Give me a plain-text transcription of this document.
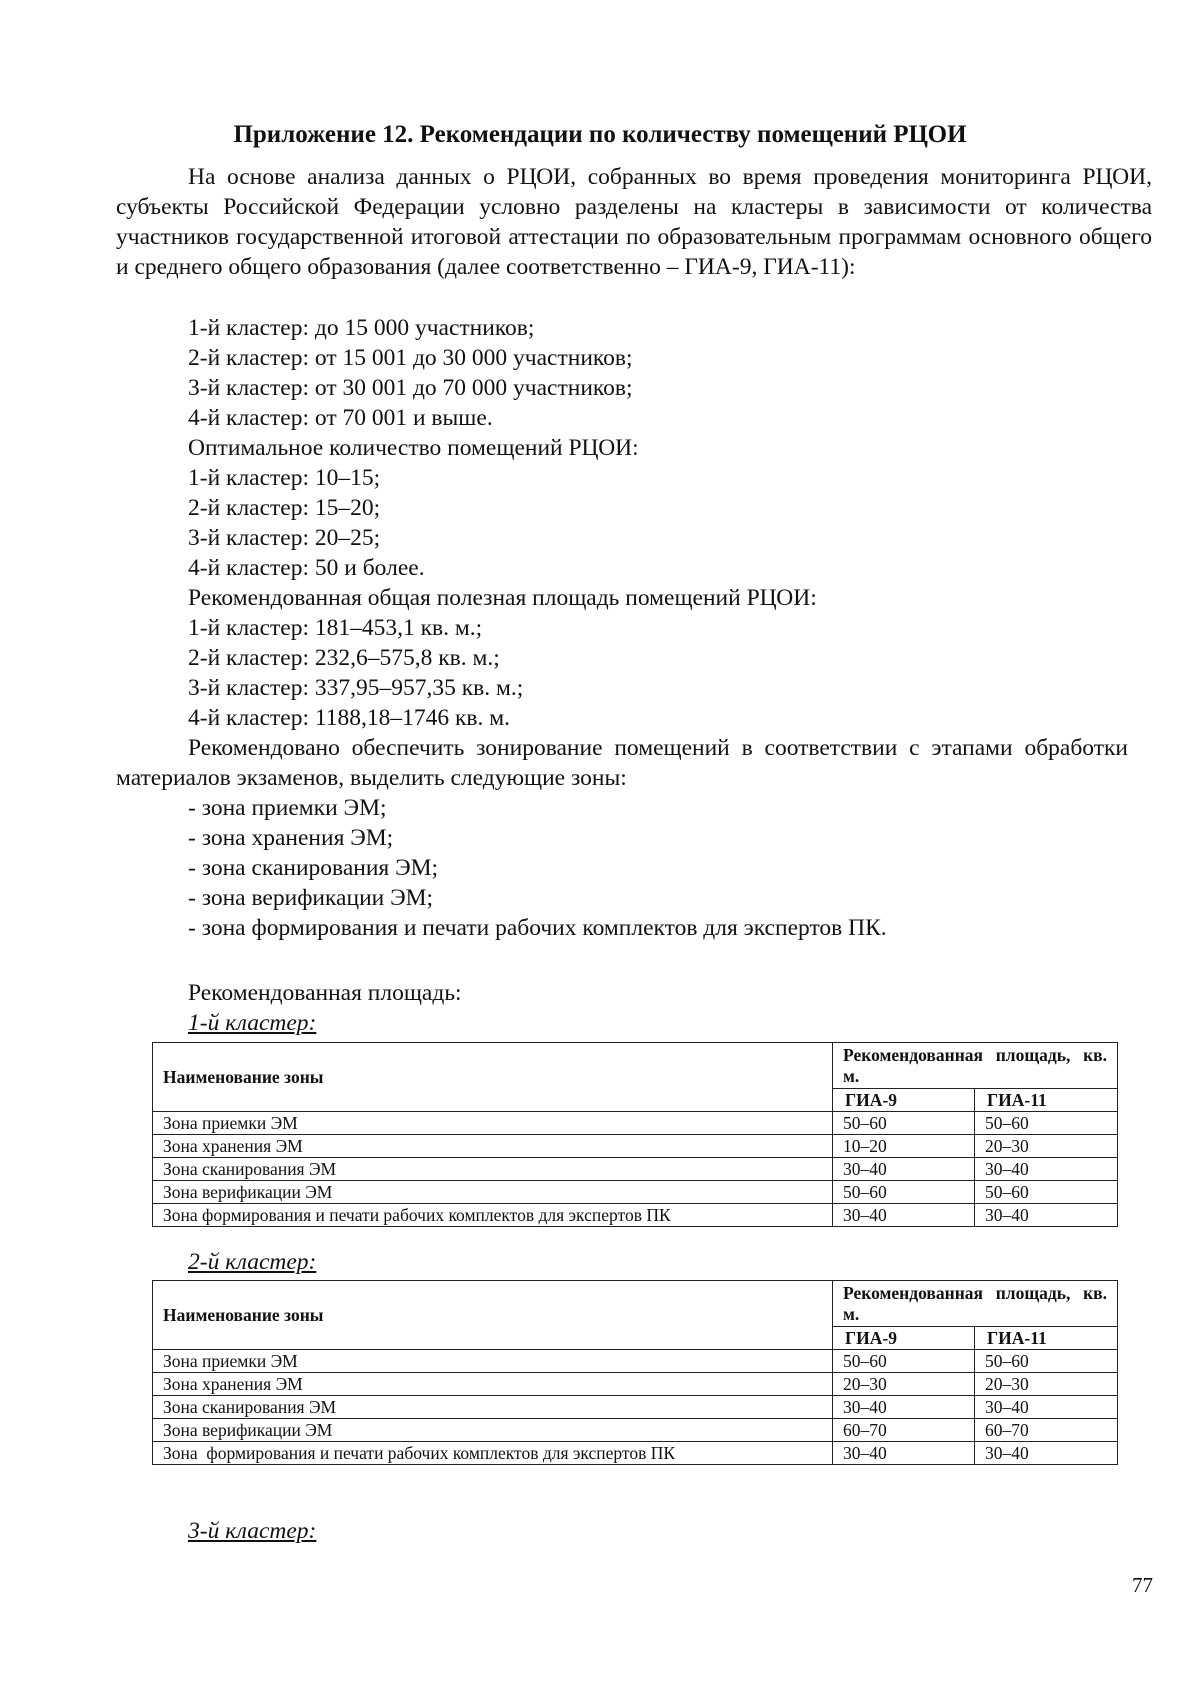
Приложение 12. Рекомендации по количеству помещений РЦОИ
На основе анализа данных о РЦОИ, собранных во время проведения мониторинга РЦОИ, субъекты Российской Федерации условно разделены на кластеры в зависимости от количества участников государственной итоговой аттестации по образовательным программам основного общего и среднего общего образования (далее соответственно – ГИА-9, ГИА-11):
1-й кластер: до 15 000 участников;
2-й кластер: от 15 001 до 30 000 участников;
3-й кластер: от 30 001 до 70 000 участников;
4-й кластер: от 70 001 и выше.
Оптимальное количество помещений РЦОИ:
1-й кластер: 10–15;
2-й кластер: 15–20;
3-й кластер: 20–25;
4-й кластер: 50 и более.
Рекомендованная общая полезная площадь помещений РЦОИ:
1-й кластер: 181–453,1 кв. м.;
2-й кластер: 232,6–575,8 кв. м.;
3-й кластер: 337,95–957,35 кв. м.;
4-й кластер: 1188,18–1746 кв. м.
Рекомендовано обеспечить зонирование помещений в соответствии с этапами обработки материалов экзаменов, выделить следующие зоны:
- зона приемки ЭМ;
- зона хранения ЭМ;
- зона сканирования ЭМ;
- зона верификации ЭМ;
- зона формирования и печати рабочих комплектов для экспертов ПК.
Рекомендованная площадь:
1-й кластер:
Наименование зоны	Рекомендованная площадь, кв. м.	
	ГИА-9	ГИА-11
Зона приемки ЭМ	50–60	50–60
Зона хранения ЭМ	10–20	20–30
Зона сканирования ЭМ	30–40	30–40
Зона верификации ЭМ	50–60	50–60
Зона формирования и печати рабочих комплектов для экспертов ПК	30–40	30–40
2-й кластер:
Наименование зоны	Рекомендованная площадь, кв. м.	
	ГИА-9	ГИА-11
Зона приемки ЭМ	50–60	50–60
Зона хранения ЭМ	20–30	20–30
Зона сканирования ЭМ	30–40	30–40
Зона верификации ЭМ	60–70	60–70
Зона  формирования и печати рабочих комплектов для экспертов ПК	30–40	30–40
3-й кластер:
77
